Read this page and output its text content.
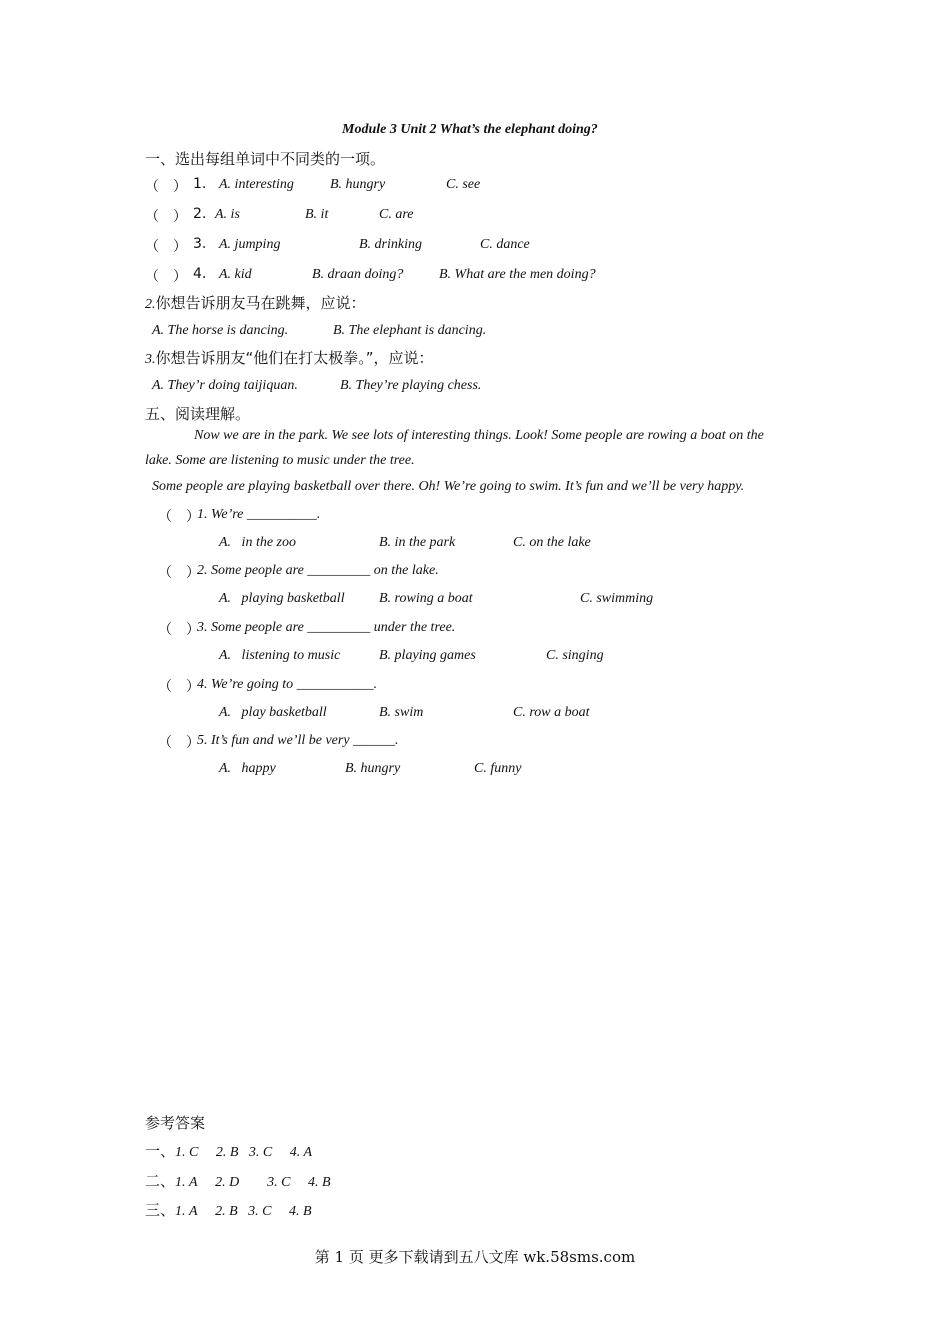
Module 3 Unit 2 What’s the elephant doing?
一、选出每组单词中不同类的一项。
（　） 1. A. interesting	B. hungry	C. see
（　） 2. A. is	B. it	C. are
（　） 3. A. jumping	B. drinking	C. dance
（　） 4. A. kid	B. draan doing?	B. What are the men doing?
2.你想告诉朋友马在跳舞，应说：
A. The horse is dancing.	B. The elephant is dancing.
3.你想告诉朋友“他们在打太极拳。”，应说：
A. They’r doing taijiquan.	B. They’re playing chess.
五、阅读理解。
Now we are in the park. We see lots of interesting things. Look! Some people are rowing a boat on the
lake. Some are listening to music under the tree.
Some people are playing basketball over there. Oh! We’re going to swim. It’s fun and we’ll be very happy.
（　）
1. We’re __________.
A.   in the zoo	B. in the park	C. on the lake
（　）
2. Some people are _________ on the lake.
A.   playing basketball B. rowing a boat	C. swimming
（　）
3. Some people are _________ under the tree.
A.   listening to music	B. playing games	C. singing
（　）
4. We’re going to ___________.
A.   play basketball	B. swim	C. row a boat
（　）
5. It’s fun and we’ll be very ______.
A.   happy	B. hungry	C. funny
参考答案
一、1. C     2. B   3. C     4. A
二、1. A     2. D        3. C     4. B
三、1. A     2. B   3. C     4. B
第 1 页 更多下载请到五八文库 wk.58sms.com
